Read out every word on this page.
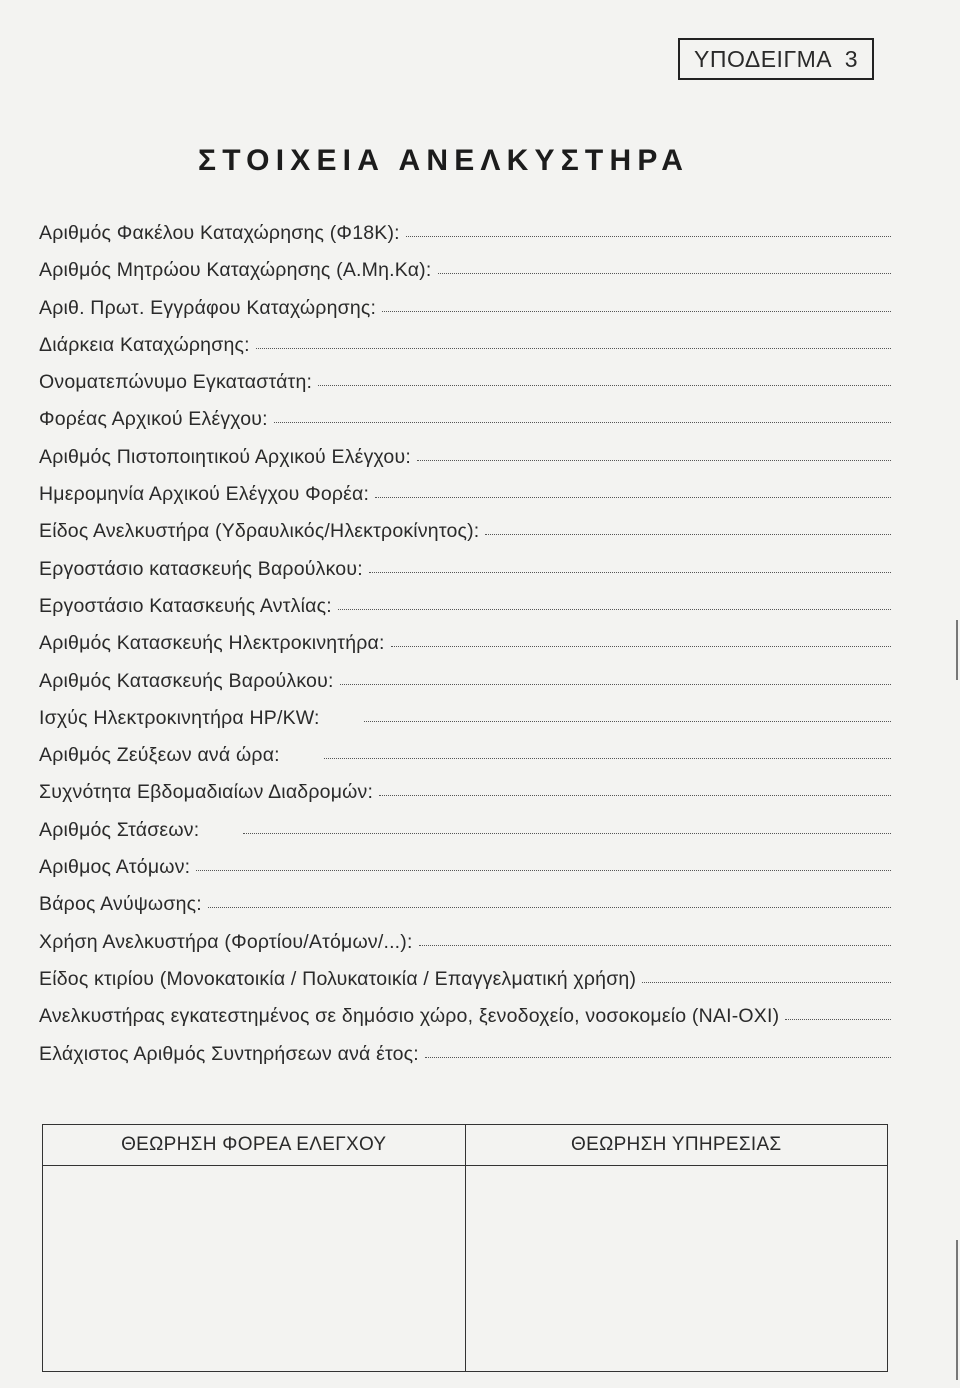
ΥΠΟΔΕΙΓΜΑ 3
ΣΤΟΙΧΕΙΑ ΑΝΕΛΚΥΣΤΗΡΑ
Αριθμός Φακέλου Καταχώρησης (Φ18Κ):
Αριθμός Μητρώου Καταχώρησης (Α.Μη.Κα):
Αριθ. Πρωτ. Εγγράφου Καταχώρησης:
Διάρκεια Καταχώρησης:
Ονοματεπώνυμο Εγκαταστάτη:
Φορέας Αρχικού Ελέγχου:
Αριθμός Πιστοποιητικού Αρχικού Ελέγχου:
Ημερομηνία Αρχικού Ελέγχου Φορέα:
Είδος Ανελκυστήρα (Υδραυλικός/Ηλεκτροκίνητος):
Εργοστάσιο κατασκευής Βαρούλκου:
Εργοστάσιο Κατασκευής Αντλίας:
Αριθμός Κατασκευής Ηλεκτροκινητήρα:
Αριθμός Κατασκευής Βαρούλκου:
Ισχύς Ηλεκτροκινητήρα HP/KW:
Αριθμός Ζεύξεων ανά ώρα:
Συχνότητα Εβδομαδιαίων Διαδρομών:
Αριθμός Στάσεων:
Αριθμος Ατόμων:
Βάρος Ανύψωσης:
Χρήση Ανελκυστήρα (Φορτίου/Ατόμων/...):
Είδος κτιρίου (Μονοκατοικία / Πολυκατοικία / Επαγγελματική χρήση)
Ανελκυστήρας εγκατεστημένος σε δημόσιο χώρο, ξενοδοχείο, νοσοκομείο (ΝΑΙ-ΟΧΙ)
Ελάχιστος Αριθμός Συντηρήσεων ανά έτος:
ΘΕΩΡΗΣΗ ΦΟΡΕΑ ΕΛΕΓΧΟΥ	ΘΕΩΡΗΣΗ ΥΠΗΡΕΣΙΑΣ
